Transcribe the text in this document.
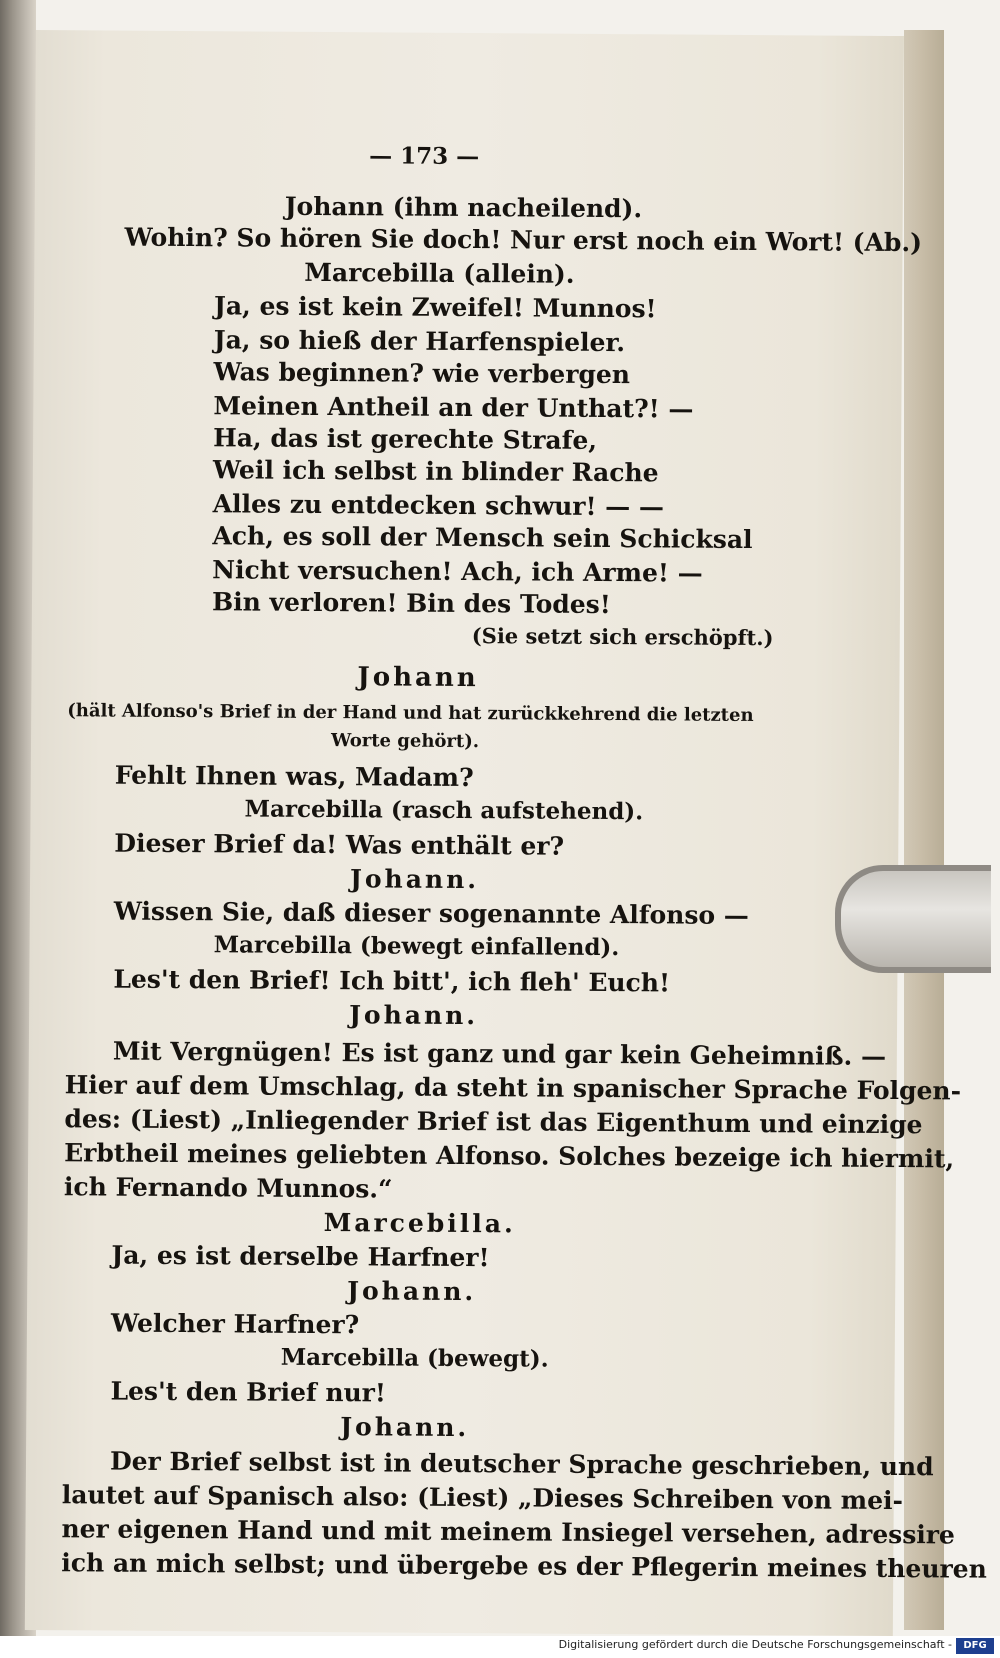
— 173 —
Johann (ihm nacheilend).
Wohin? So hören Sie doch! Nur erst noch ein Wort! (Ab.)
Marcebilla (allein).
Ja, es ist kein Zweifel! Munnos!
Ja, so hieß der Harfenspieler.
Was beginnen? wie verbergen
Meinen Antheil an der Unthat?! —
Ha, das ist gerechte Strafe,
Weil ich selbst in blinder Rache
Alles zu entdecken schwur! — —
Ach, es soll der Mensch sein Schicksal
Nicht versuchen! Ach, ich Arme! —
Bin verloren! Bin des Todes!
(Sie setzt sich erschöpft.)
Johann
(hält Alfonso's Brief in der Hand und hat zurückkehrend die letzten
Worte gehört).
Fehlt Ihnen was, Madam?
Marcebilla (rasch aufstehend).
Dieser Brief da! Was enthält er?
Johann.
Wissen Sie, daß dieser sogenannte Alfonso —
Marcebilla (bewegt einfallend).
Les't den Brief! Ich bitt', ich fleh' Euch!
Johann.
Mit Vergnügen! Es ist ganz und gar kein Geheimniß. —
Hier auf dem Umschlag, da steht in spanischer Sprache Folgen-
des: (Liest) „Inliegender Brief ist das Eigenthum und einzige
Erbtheil meines geliebten Alfonso. Solches bezeige ich hiermit,
ich Fernando Munnos.“
Marcebilla.
Ja, es ist derselbe Harfner!
Johann.
Welcher Harfner?
Marcebilla (bewegt).
Les't den Brief nur!
Johann.
Der Brief selbst ist in deutscher Sprache geschrieben, und
lautet auf Spanisch also: (Liest) „Dieses Schreiben von mei-
ner eigenen Hand und mit meinem Insiegel versehen, adressire
ich an mich selbst; und übergebe es der Pflegerin meines theuren
Digitalisierung gefördert durch die Deutsche Forschungsgemeinschaft -	DFG
